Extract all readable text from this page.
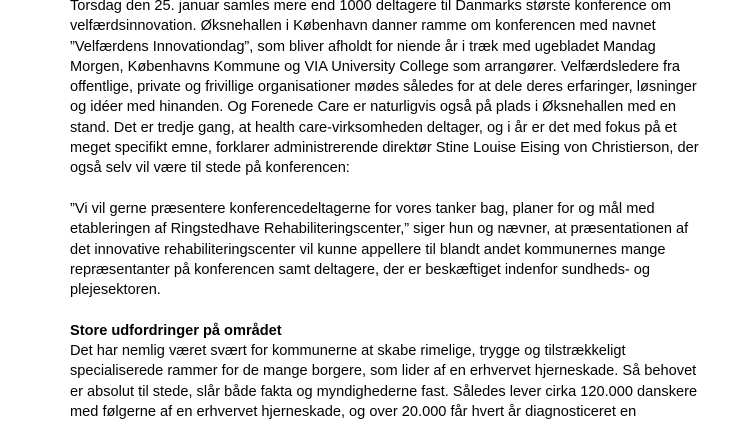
Torsdag den 25. januar samles mere end 1000 deltagere til Danmarks største konference om
velfærdsinnovation. Øksnehallen i København danner ramme om konferencen med navnet
”Velfærdens Innovationdag”, som bliver afholdt for niende år i træk med ugebladet Mandag
Morgen, Københavns Kommune og VIA University College som arrangører. Velfærdsledere fra
offentlige, private og frivillige organisationer mødes således for at dele deres erfaringer, løsninger
og idéer med hinanden. Og Forenede Care er naturligvis også på plads i Øksnehallen med en
stand. Det er tredje gang, at health care-virksomheden deltager, og i år er det med fokus på et
meget specifikt emne, forklarer administrerende direktør Stine Louise Eising von Christierson, der
også selv vil være til stede på konferencen:

”Vi vil gerne præsentere konferencedeltagerne for vores tanker bag, planer for og mål med
etableringen af Ringstedhave Rehabiliteringscenter,” siger hun og nævner, at præsentationen af
det innovative rehabiliteringscenter vil kunne appellere til blandt andet kommunernes mange
repræsentanter på konferencen samt deltagere, der er beskæftiget indenfor sundheds- og
plejesektoren.

Store udfordringer på området

Det har nemlig været svært for kommunerne at skabe rimelige, trygge og tilstrækkeligt
specialiserede rammer for de mange borgere, som lider af en erhvervet hjerneskade. Så behovet
er absolut til stede, slår både fakta og myndighederne fast. Således lever cirka 120.000 danskere
med følgerne af en erhvervet hjerneskade, og over 20.000 får hvert år diagnosticeret en
